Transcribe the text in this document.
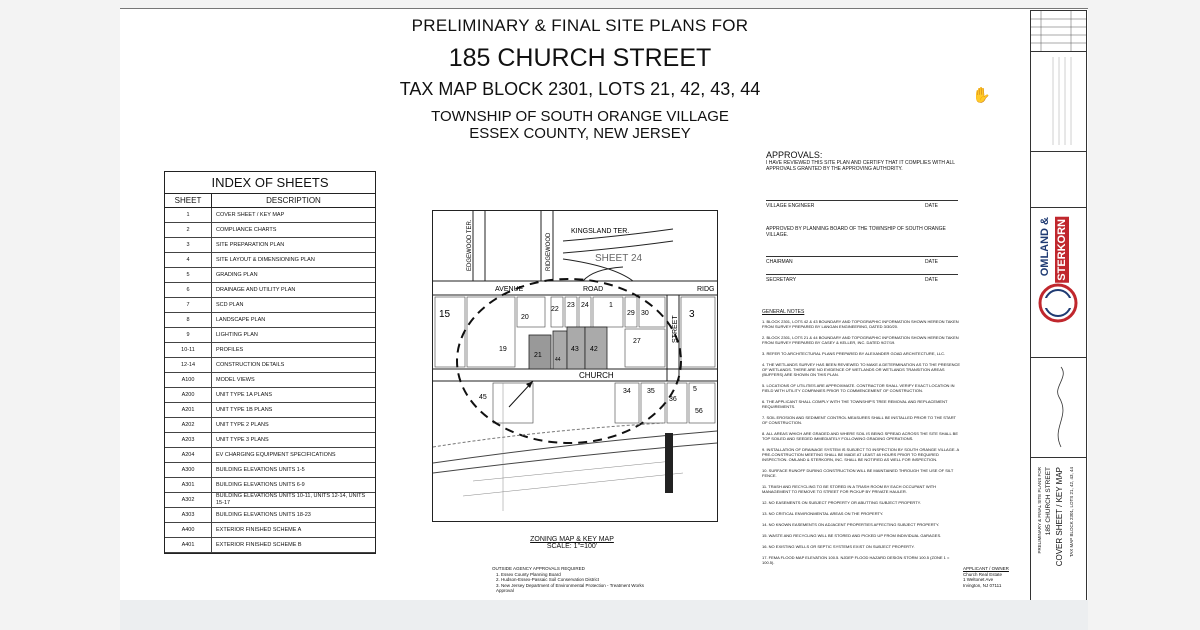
PRELIMINARY & FINAL SITE PLANS FOR
185 CHURCH STREET
TAX MAP BLOCK 2301, LOTS 21, 42, 43, 44
TOWNSHIP OF SOUTH ORANGE VILLAGE
ESSEX COUNTY, NEW JERSEY
INDEX OF SHEETS
SHEET	DESCRIPTION
1	COVER SHEET / KEY MAP
2	COMPLIANCE CHARTS
3	SITE PREPARATION PLAN
4	SITE LAYOUT & DIMENSIONING PLAN
5	GRADING PLAN
6	DRAINAGE AND UTILITY PLAN
7	SCD PLAN
8	LANDSCAPE PLAN
9	LIGHTING PLAN
10-11	PROFILES
12-14	CONSTRUCTION DETAILS
A100	MODEL VIEWS
A200	UNIT TYPE 1A PLANS
A201	UNIT TYPE 1B PLANS
A202	UNIT TYPE 2 PLANS
A203	UNIT TYPE 3 PLANS
A204	EV CHARGING EQUIPMENT SPECIFICATIONS
A300	BUILDING ELEVATIONS UNITS 1-5
A301	BUILDING ELEVATIONS UNITS 6-9
A302	BUILDING ELEVATIONS UNITS 10-11, UNITS 12-14, UNITS 15-17
A303	BUILDING ELEVATIONS UNITS 18-23
A400	EXTERIOR FINISHED SCHEME A
A401	EXTERIOR FINISHED SCHEME B
KINGSLAND TER.
EDGEWOOD TER.	RIDGEWOOD	SHEET 24
AVENUE	ROAD	RIDG
CHURCH
STREET
15	20
22
23 24	1
29 30	3
19
21
44
43 42
27
45	36
35
34
56
5
ZONING MAP & KEY MAP
SCALE: 1"=100'
OUTSIDE AGENCY APPROVALS REQUIRED
1. Essex County Planning Board
2. Hudson-Essex-Passaic Soil Conservation District
3. New Jersey Department of Environmental Protection - Treatment Works Approval
APPROVALS:
I HAVE REVIEWED THIS SITE PLAN AND CERTIFY THAT IT COMPLIES WITH ALL APPROVALS GRANTED BY THE APPROVING AUTHORITY.
VILLAGE ENGINEER	DATE
APPROVED BY PLANNING BOARD OF THE TOWNSHIP OF SOUTH ORANGE VILLAGE.
CHAIRMAN	DATE
SECRETARY	DATE
GENERAL NOTES

1. BLOCK 2301, LOTS 42 & 43 BOUNDARY AND TOPOGRAPHIC INFORMATION SHOWN HEREON TAKEN FROM SURVEY PREPARED BY LANGAN ENGINEERING, DATED 3/30/20.

2. BLOCK 2301, LOTS 21 & 44 BOUNDARY AND TOPOGRAPHIC INFORMATION SHOWN HEREON TAKEN FROM SURVEY PREPARED BY CASEY & KELLER, INC. DATED 9/27/19.

3. REFER TO ARCHITECTURAL PLANS PREPARED BY ALEXANDER GOAD ARCHITECTURE, LLC.

4. THE WETLANDS SURVEY HAS BEEN REVIEWED TO MAKE A DETERMINATION AS TO THE PRESENCE OF WETLANDS. THERE ARE NO EVIDENCE OF WETLANDS OR WETLANDS TRANSITION AREAS (BUFFERS) ARE SHOWN ON THIS PLAN.

5. LOCATIONS OF UTILITIES ARE APPROXIMATE. CONTRACTOR SHALL VERIFY EXACT LOCATION IN FIELD WITH UTILITY COMPANIES PRIOR TO COMMENCEMENT OF CONSTRUCTION.

6. THE APPLICANT SHALL COMPLY WITH THE TOWNSHIP'S TREE REMOVAL AND REPLACEMENT REQUIREMENTS.

7. SOIL EROSION AND SEDIMENT CONTROL MEASURES SHALL BE INSTALLED PRIOR TO THE START OF CONSTRUCTION.

8. ALL AREAS WHICH ARE GRADED AND WHERE SOIL IS BEING SPREAD ACROSS THE SITE SHALL BE TOP SOILED AND SEEDED IMMEDIATELY FOLLOWING GRADING OPERATIONS.

9. INSTALLATION OF DRAINAGE SYSTEM IS SUBJECT TO INSPECTION BY SOUTH ORANGE VILLAGE. A PRE-CONSTRUCTION MEETING SHALL BE MADE AT LEAST 48 HOURS PRIOR TO REQUIRED INSPECTION. OMLAND & STERKORN, INC. SHALL BE NOTIFIED AS WELL FOR INSPECTION.

10. SURFACE RUNOFF DURING CONSTRUCTION WILL BE MAINTAINED THROUGH THE USE OF SILT FENCE.

11. TRASH AND RECYCLING TO BE STORED IN A TRASH ROOM BY EACH OCCUPANT WITH MANAGEMENT TO REMOVE TO STREET FOR PICKUP BY PRIVATE HAULER.

12. NO EASEMENTS ON SUBJECT PROPERTY OR ABUTTING SUBJECT PROPERTY.

13. NO CRITICAL ENVIRONMENTAL AREAS ON THE PROPERTY.

14. NO KNOWN EASEMENTS ON ADJACENT PROPERTIES AFFECTING SUBJECT PROPERTY.

15. WASTE AND RECYCLING WILL BE STORED AND PICKED UP FROM INDIVIDUAL GARAGES.

16. NO EXISTING WELLS OR SEPTIC SYSTEMS EXIST ON SUBJECT PROPERTY.

17. FEMA FLOOD MAP ELEVATION 100.5. NJDEP FLOOD HAZARD DESIGN STORM 100.5 (ZONE 1 = 100.5).

APPLICANT / OWNER
Church Real Estate
1 Weltonet Ave
Irvington, NJ 07111
OMLAND & STERKORN
PRELIMINARY & FINAL SITE PLANS FOR 185 CHURCH STREET COVER SHEET / KEY MAP TAX MAP BLOCK 2301, LOTS 21, 42, 43, 44
✋
